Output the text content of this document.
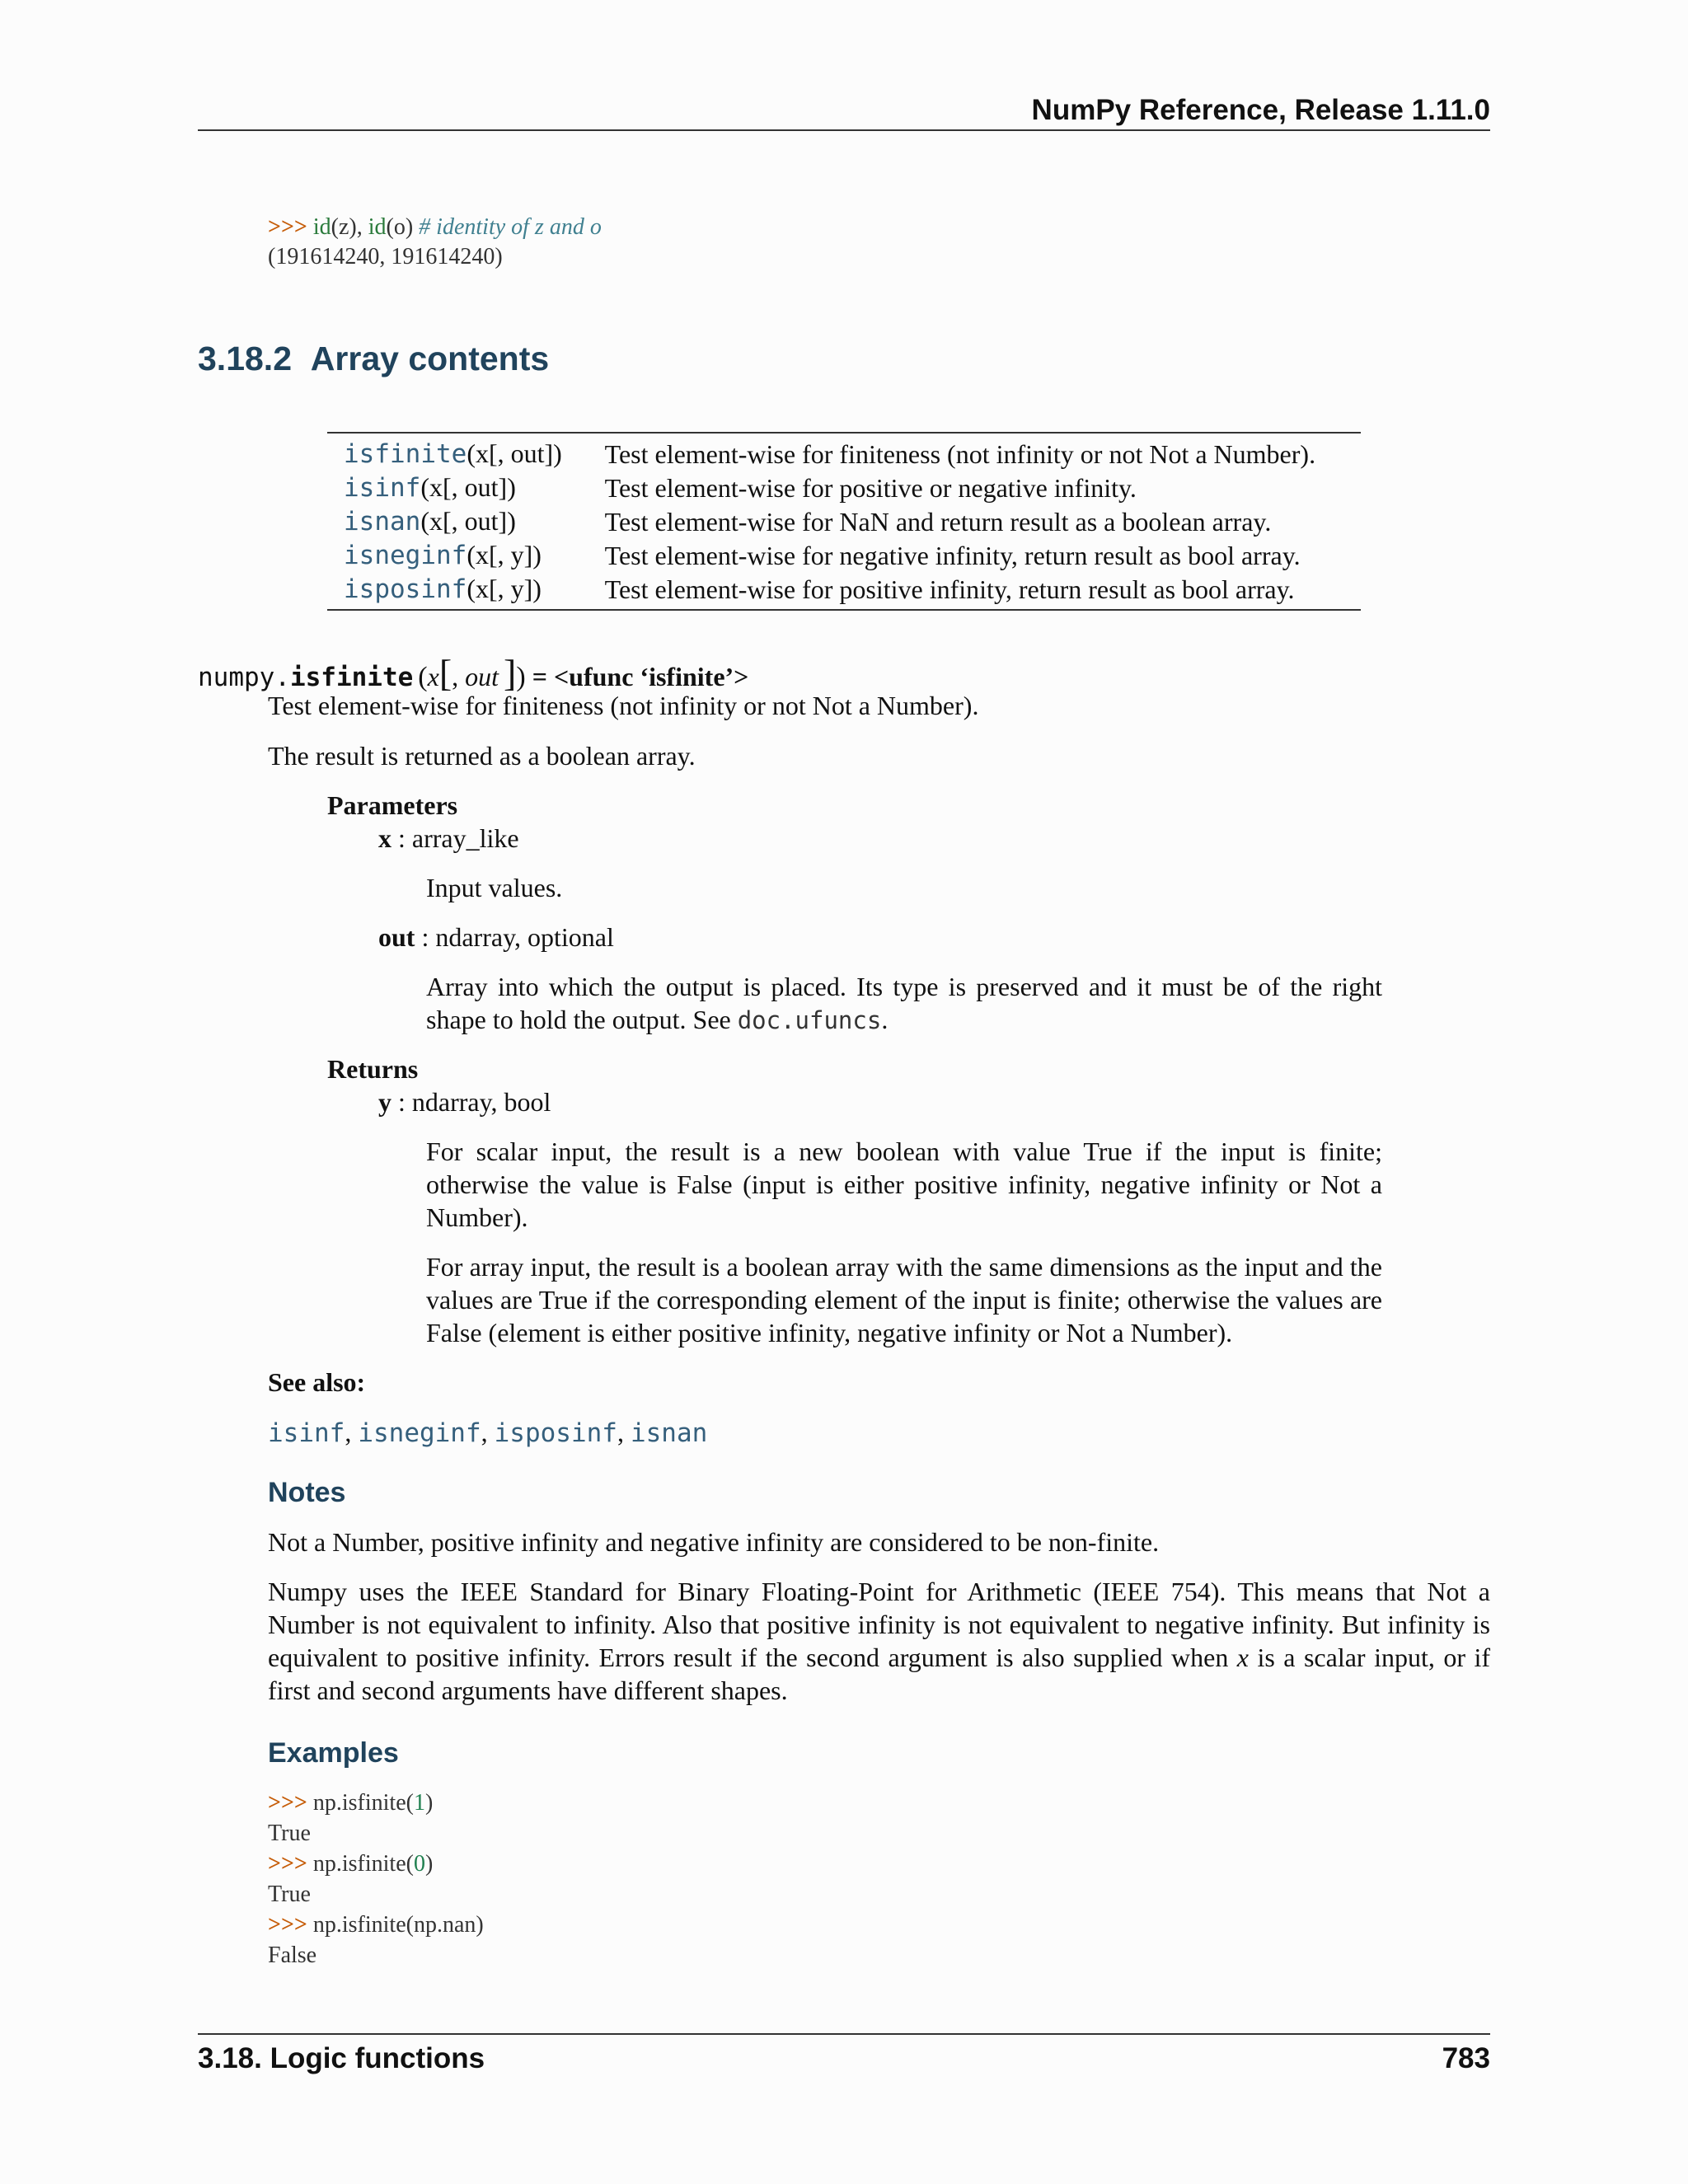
NumPy Reference, Release 1.11.0
>>> id(z), id(o) # identity of z and o
(191614240, 191614240)
3.18.2 Array contents
isfinite(x[, out])	Test element-wise for finiteness (not infinity or not Not a Number).
isinf(x[, out])	Test element-wise for positive or negative infinity.
isnan(x[, out])	Test element-wise for NaN and return result as a boolean array.
isneginf(x[, y])	Test element-wise for negative infinity, return result as bool array.
isposinf(x[, y])	Test element-wise for positive infinity, return result as bool array.
numpy.isfinite (x[, out ]) = <ufunc ‘isfinite’>
Test element-wise for finiteness (not infinity or not Not a Number).
The result is returned as a boolean array.
Parameters
x : array_like
Input values.
out : ndarray, optional
Array into which the output is placed. Its type is preserved and it must be of the right shape to hold the output. See doc.ufuncs.
Returns
y : ndarray, bool
For scalar input, the result is a new boolean with value True if the input is finite; otherwise the value is False (input is either positive infinity, negative infinity or Not a Number).
For array input, the result is a boolean array with the same dimensions as the input and the values are True if the corresponding element of the input is finite; otherwise the values are False (element is either positive infinity, negative infinity or Not a Number).
See also:
isinf, isneginf, isposinf, isnan
Notes
Not a Number, positive infinity and negative infinity are considered to be non-finite.
Numpy uses the IEEE Standard for Binary Floating-Point for Arithmetic (IEEE 754). This means that Not a Number is not equivalent to infinity. Also that positive infinity is not equivalent to negative infinity. But infinity is equivalent to positive infinity. Errors result if the second argument is also supplied when x is a scalar input, or if first and second arguments have different shapes.
Examples
>>> np.isfinite(1)
True
>>> np.isfinite(0)
True
>>> np.isfinite(np.nan)
False
3.18. Logic functions	783
